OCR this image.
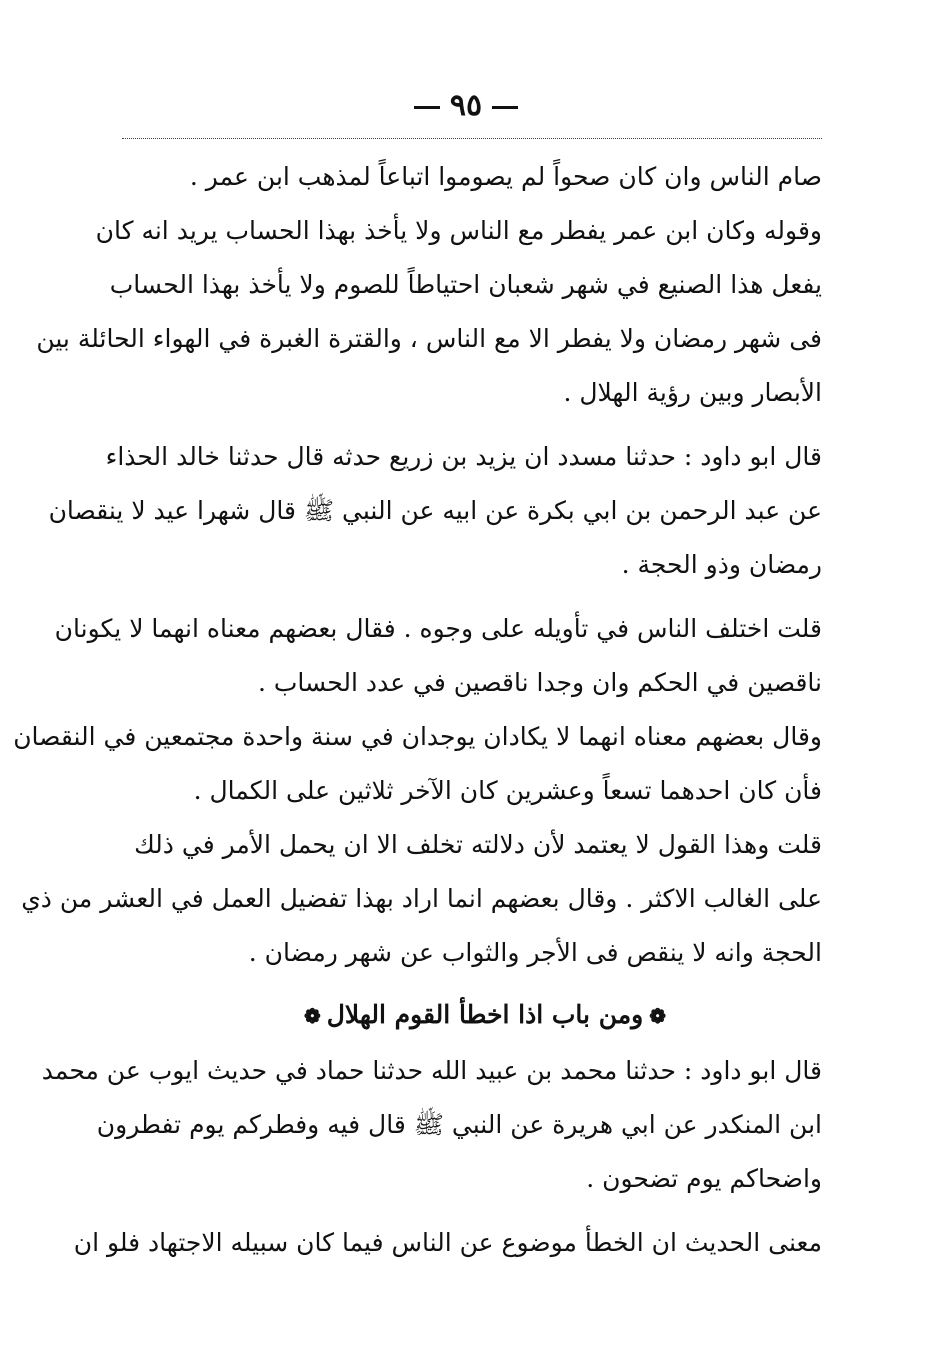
٩٥
صام الناس وان كان صحواً لم يصوموا اتباعاً لمذهب ابن عمر .
وقوله وكان ابن عمر يفطر مع الناس ولا يأخذ بهذا الحساب يريد انه كان
يفعل هذا الصنيع في شهر شعبان احتياطاً للصوم ولا يأخذ بهذا الحساب
فى شهر رمضان ولا يفطر الا مع الناس ، والقترة الغبرة في الهواء الحائلة بين
الأبصار وبين رؤية الهلال .
قال ابو داود : حدثنا مسدد ان يزيد بن زريع حدثه قال حدثنا خالد الحذاء
عن عبد الرحمن بن ابي بكرة عن ابيه عن النبي ﷺ قال شهرا عيد لا ينقصان
رمضان وذو الحجة .
قلت اختلف الناس في تأويله على وجوه . فقال بعضهم معناه انهما لا يكونان
ناقصين في الحكم وان وجدا ناقصين في عدد الحساب .
وقال بعضهم معناه انهما لا يكادان يوجدان في سنة واحدة مجتمعين في النقصان
فأن كان احدهما تسعاً وعشرين كان الآخر ثلاثين على الكمال .
قلت وهذا القول لا يعتمد لأن دلالته تخلف الا ان يحمل الأمر في ذلك
على الغالب الاكثر . وقال بعضهم انما اراد بهذا تفضيل العمل في العشر من ذي
الحجة وانه لا ينقص فى الأجر والثواب عن شهر رمضان .
❁ومن باب اذا اخطأ القوم الهلال❁
قال ابو داود : حدثنا محمد بن عبيد الله حدثنا حماد في حديث ايوب عن محمد
ابن المنكدر عن ابي هريرة عن النبي ﷺ قال فيه وفطركم يوم تفطرون
واضحاكم يوم تضحون .
معنى الحديث ان الخطأ موضوع عن الناس فيما كان سبيله الاجتهاد فلو ان
